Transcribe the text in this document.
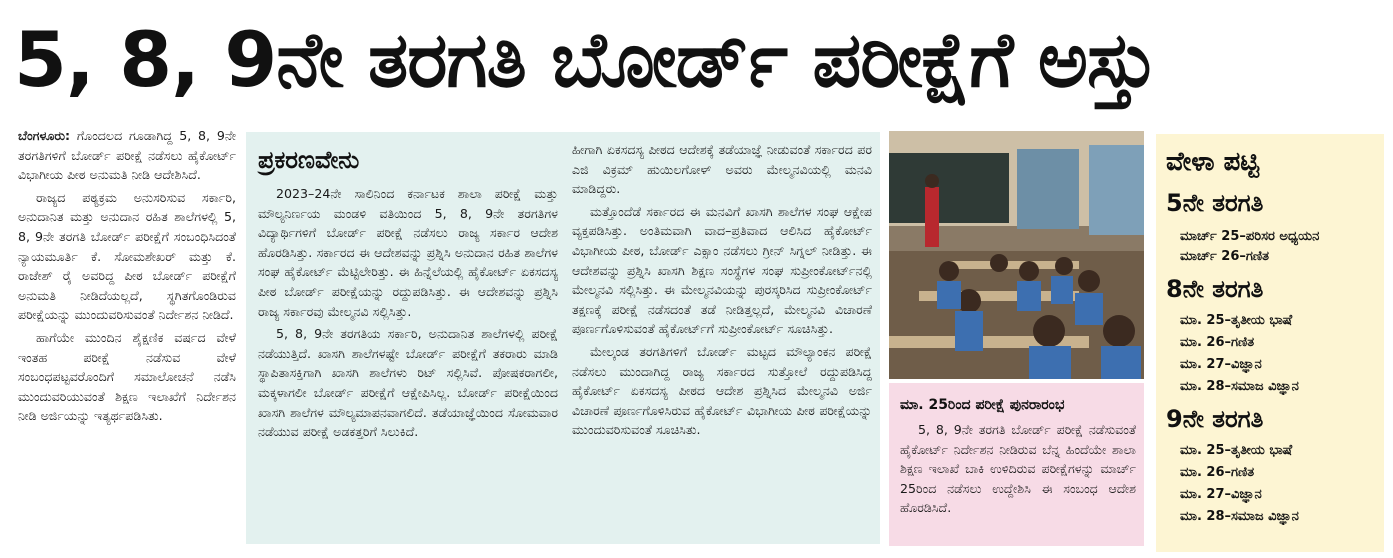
5, 8, 9ನೇ ತರಗತಿ ಬೋರ್ಡ್ ಪರೀಕ್ಷೆಗೆ ಅಸ್ತು

ಬೆಂಗಳೂರು: ಗೊಂದಲದ ಗೂಡಾಗಿದ್ದ 5, 8, 9ನೇ ತರಗತಿಗಳಿಗೆ ಬೋರ್ಡ್ ಪರೀಕ್ಷೆ ನಡೆಸಲು ಹೈಕೋರ್ಟ್ ವಿಭಾಗೀಯ ಪೀಠ ಅನುಮತಿ ನೀಡಿ ಆದೇಶಿಸಿದೆ.

ರಾಜ್ಯದ ಪಠ್ಯಕ್ರಮ ಅನುಸರಿಸುವ ಸರ್ಕಾರಿ, ಅನುದಾನಿತ ಮತ್ತು ಅನುದಾನ ರಹಿತ ಶಾಲೆಗಳಲ್ಲಿ 5, 8, 9ನೇ ತರಗತಿ ಬೋರ್ಡ್ ಪರೀಕ್ಷೆಗೆ ಸಂಬಂಧಿಸಿದಂತೆ ನ್ಯಾಯಮೂರ್ತಿ ಕೆ. ಸೋಮಶೇಖರ್ ಮತ್ತು ಕೆ. ರಾಜೇಶ್ ರೈ ಅವರಿದ್ದ ಪೀಠ ಬೋರ್ಡ್ ಪರೀಕ್ಷೆಗೆ ಅನುಮತಿ ನೀಡಿದೆಯಲ್ಲದೆ, ಸ್ಥಗಿತಗೊಂಡಿರುವ ಪರೀಕ್ಷೆಯನ್ನು ಮುಂದುವರಿಸುವಂತೆ ನಿರ್ದೇಶನ ನೀಡಿದೆ.

ಹಾಗೆಯೇ ಮುಂದಿನ ಶೈಕ್ಷಣಿಕ ವರ್ಷದ ವೇಳೆ ಇಂತಹ ಪರೀಕ್ಷೆ ನಡೆಸುವ ವೇಳೆ ಸಂಬಂಧಪಟ್ಟವರೊಂದಿಗೆ ಸಮಾಲೋಚನೆ ನಡೆಸಿ ಮುಂದುವರಿಯುವಂತೆ ಶಿಕ್ಷಣ ಇಲಾಖೆಗೆ ನಿರ್ದೇಶನ ನೀಡಿ ಅರ್ಜಿಯನ್ನು ಇತ್ಯರ್ಥಪಡಿಸಿತು.

ಪ್ರಕರಣವೇನು

2023–24ನೇ ಸಾಲಿನಿಂದ ಕರ್ನಾಟಕ ಶಾಲಾ ಪರೀಕ್ಷೆ ಮತ್ತು ಮೌಲ್ಯನಿರ್ಣಯ ಮಂಡಳಿ ವತಿಯಿಂದ 5, 8, 9ನೇ ತರಗತಿಗಳ ವಿದ್ಯಾರ್ಥಿಗಳಿಗೆ ಬೋರ್ಡ್ ಪರೀಕ್ಷೆ ನಡೆಸಲು ರಾಜ್ಯ ಸರ್ಕಾರ ಆದೇಶ ಹೊರಡಿಸಿತ್ತು. ಸರ್ಕಾರದ ಈ ಆದೇಶವನ್ನು ಪ್ರಶ್ನಿಸಿ ಅನುದಾನ ರಹಿತ ಶಾಲೆಗಳ ಸಂಘ ಹೈಕೋರ್ಟ್ ಮೆಟ್ಟಿಲೇರಿತ್ತು. ಈ ಹಿನ್ನೆಲೆಯಲ್ಲಿ ಹೈಕೋರ್ಟ್ ಏಕಸದಸ್ಯ ಪೀಠ ಬೋರ್ಡ್ ಪರೀಕ್ಷೆಯನ್ನು ರದ್ದುಪಡಿಸಿತ್ತು. ಈ ಆದೇಶವನ್ನು ಪ್ರಶ್ನಿಸಿ ರಾಜ್ಯ ಸರ್ಕಾರವು ಮೇಲ್ಮನವಿ ಸಲ್ಲಿಸಿತ್ತು.

5, 8, 9ನೇ ತರಗತಿಯ ಸರ್ಕಾರಿ, ಅನುದಾನಿತ ಶಾಲೆಗಳಲ್ಲಿ ಪರೀಕ್ಷೆ ನಡೆಯುತ್ತಿದೆ. ಖಾಸಗಿ ಶಾಲೆಗಳಷ್ಟೇ ಬೋರ್ಡ್ ಪರೀಕ್ಷೆಗೆ ತಕರಾರು ಮಾಡಿ ಸ್ಥಾಪಿತಾಸಕ್ತಿಗಾಗಿ ಖಾಸಗಿ ಶಾಲೆಗಳು ರಿಟ್ ಸಲ್ಲಿಸಿವೆ. ಪೋಷಕರಾಗಲೀ, ಮಕ್ಕಳಾಗಲೀ ಬೋರ್ಡ್ ಪರೀಕ್ಷೆಗೆ ಆಕ್ಷೇಪಿಸಿಲ್ಲ. ಬೋರ್ಡ್ ಪರೀಕ್ಷೆಯಿಂದ ಖಾಸಗಿ ಶಾಲೆಗಳ ಮೌಲ್ಯಮಾಪನವಾಗಲಿದೆ. ತಡೆಯಾಜ್ಞೆಯಿಂದ ಸೋಮವಾರ ನಡೆಯುವ ಪರೀಕ್ಷೆ ಅಡಕತ್ತರಿಗೆ ಸಿಲುಕಿದೆ.

ಹೀಗಾಗಿ ಏಕಸದಸ್ಯ ಪೀಠದ ಆದೇಶಕ್ಕೆ ತಡೆಯಾಜ್ಞೆ ನೀಡುವಂತೆ ಸರ್ಕಾರದ ಪರ ಎಜಿ ವಿಕ್ರಮ್ ಹುಯಿಲಗೋಳ್ ಅವರು ಮೇಲ್ಮನವಿಯಲ್ಲಿ ಮನವಿ ಮಾಡಿದ್ದರು.

ಮತ್ತೊಂದೆಡೆ ಸರ್ಕಾರದ ಈ ಮನವಿಗೆ ಖಾಸಗಿ ಶಾಲೆಗಳ ಸಂಘ ಆಕ್ಷೇಪ ವ್ಯಕ್ತಪಡಿಸಿತ್ತು. ಅಂತಿಮವಾಗಿ ವಾದ–ಪ್ರತಿವಾದ ಆಲಿಸಿದ ಹೈಕೋರ್ಟ್ ವಿಭಾಗೀಯ ಪೀಠ, ಬೋರ್ಡ್ ಎಕ್ಸಾಂ ನಡೆಸಲು ಗ್ರೀನ್ ಸಿಗ್ನಲ್ ನೀಡಿತ್ತು. ಈ ಆದೇಶವನ್ನು ಪ್ರಶ್ನಿಸಿ ಖಾಸಗಿ ಶಿಕ್ಷಣ ಸಂಸ್ಥೆಗಳ ಸಂಘ ಸುಪ್ರೀಂಕೋರ್ಟ್‌ನಲ್ಲಿ ಮೇಲ್ಮನವಿ ಸಲ್ಲಿಸಿತ್ತು. ಈ ಮೇಲ್ಮನವಿಯನ್ನು ಪುರಸ್ಕರಿಸಿದ ಸುಪ್ರೀಂಕೋರ್ಟ್ ತಕ್ಷಣಕ್ಕೆ ಪರೀಕ್ಷೆ ನಡೆಸದಂತೆ ತಡೆ ನೀಡಿತ್ತಲ್ಲದೆ, ಮೇಲ್ಮನವಿ ವಿಚಾರಣೆ ಪೂರ್ಣಗೊಳಿಸುವಂತೆ ಹೈಕೋರ್ಟ್‌ಗೆ ಸುಪ್ರೀಂಕೋರ್ಟ್ ಸೂಚಿಸಿತ್ತು.

ಮೇಲ್ಕಂಡ ತರಗತಿಗಳಿಗೆ ಬೋರ್ಡ್ ಮಟ್ಟದ ಮೌಲ್ಯಾಂಕನ ಪರೀಕ್ಷೆ ನಡೆಸಲು ಮುಂದಾಗಿದ್ದ ರಾಜ್ಯ ಸರ್ಕಾರದ ಸುತ್ತೋಲೆ ರದ್ದುಪಡಿಸಿದ್ದ ಹೈಕೋರ್ಟ್ ಏಕಸದಸ್ಯ ಪೀಠದ ಆದೇಶ ಪ್ರಶ್ನಿಸಿದ ಮೇಲ್ಮನವಿ ಅರ್ಜಿ ವಿಚಾರಣೆ ಪೂರ್ಣಗೊಳಿಸಿರುವ ಹೈಕೋರ್ಟ್ ವಿಭಾಗೀಯ ಪೀಠ ಪರೀಕ್ಷೆಯನ್ನು ಮುಂದುವರಿಸುವಂತೆ ಸೂಚಿಸಿತು.

ಮಾ. 25ರಿಂದ ಪರೀಕ್ಷೆ ಪುನರಾರಂಭ

5, 8, 9ನೇ ತರಗತಿ ಬೋರ್ಡ್ ಪರೀಕ್ಷೆ ನಡೆಸುವಂತೆ ಹೈಕೋರ್ಟ್ ನಿರ್ದೇಶನ ನೀಡಿರುವ ಬೆನ್ನ ಹಿಂದೆಯೇ ಶಾಲಾ ಶಿಕ್ಷಣ ಇಲಾಖೆ ಬಾಕಿ ಉಳಿದಿರುವ ಪರೀಕ್ಷೆಗಳನ್ನು ಮಾರ್ಚ್ 25ರಿಂದ ನಡೆಸಲು ಉದ್ದೇಶಿಸಿ ಈ ಸಂಬಂಧ ಆದೇಶ ಹೊರಡಿಸಿದೆ.

ವೇಳಾ ಪಟ್ಟಿ
5ನೇ ತರಗತಿ
ಮಾರ್ಚ್ 25–ಪರಿಸರ ಅಧ್ಯಯನ
ಮಾರ್ಚ್ 26–ಗಣಿತ
8ನೇ ತರಗತಿ
ಮಾ. 25–ತೃತೀಯ ಭಾಷೆ
ಮಾ. 26–ಗಣಿತ
ಮಾ. 27–ವಿಜ್ಞಾನ
ಮಾ. 28–ಸಮಾಜ ವಿಜ್ಞಾನ
9ನೇ ತರಗತಿ
ಮಾ. 25–ತೃತೀಯ ಭಾಷೆ
ಮಾ. 26–ಗಣಿತ
ಮಾ. 27–ವಿಜ್ಞಾನ
ಮಾ. 28–ಸಮಾಜ ವಿಜ್ಞಾನ
